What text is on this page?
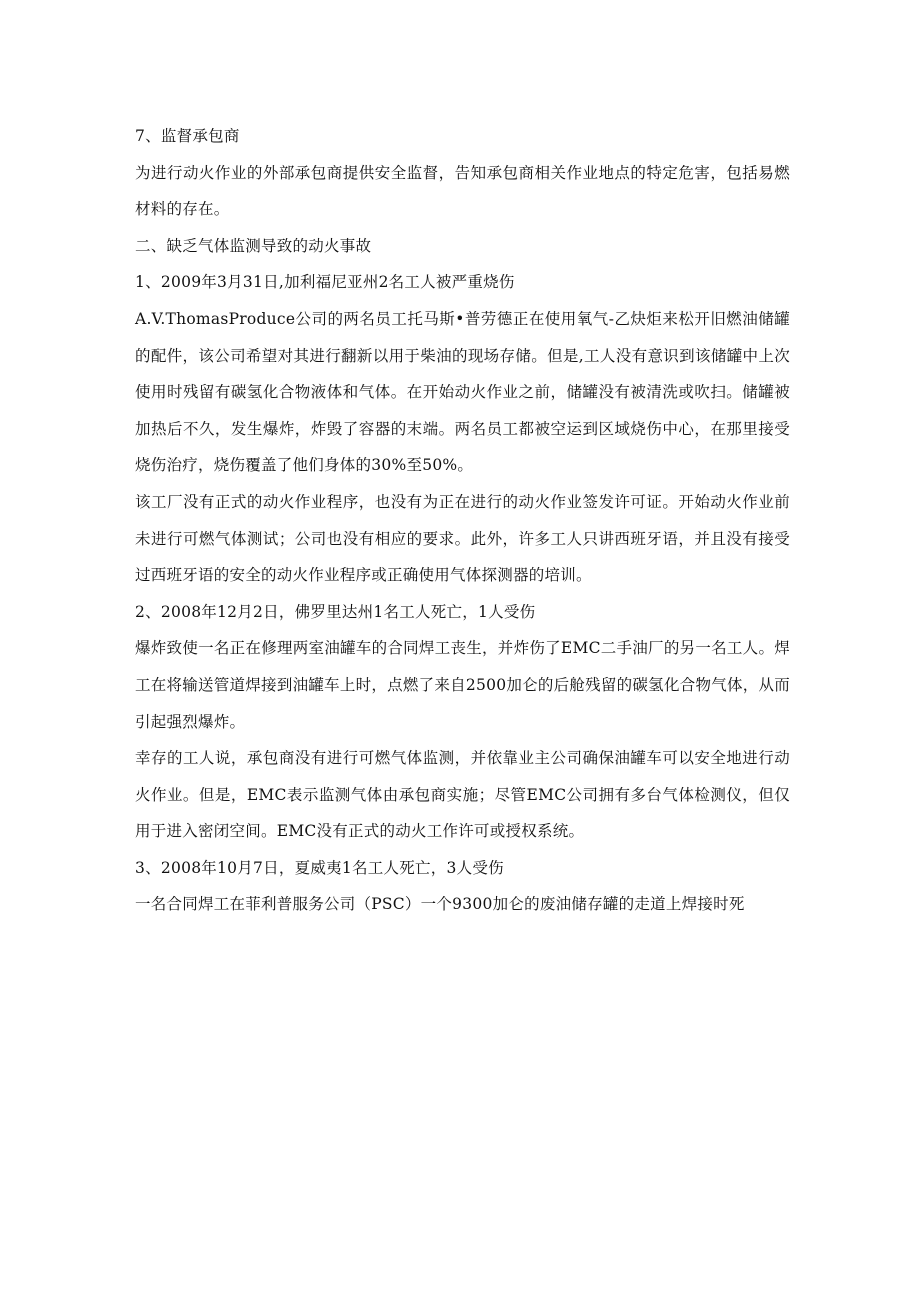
7、监督承包商

为进行动火作业的外部承包商提供安全监督，告知承包商相关作业地点的特定危害，包括易燃材料的存在。

二、缺乏气体监测导致的动火事故

1、2009年3月31日,加利福尼亚州2名工人被严重烧伤

A.V.ThomasProduce公司的两名员工托马斯•普劳德正在使用氧气-乙炔炬来松开旧燃油储罐的配件，该公司希望对其进行翻新以用于柴油的现场存储。但是,工人没有意识到该储罐中上次使用时残留有碳氢化合物液体和气体。在开始动火作业之前，储罐没有被清洗或吹扫。储罐被加热后不久，发生爆炸，炸毁了容器的末端。两名员工都被空运到区域烧伤中心，在那里接受烧伤治疗，烧伤覆盖了他们身体的30%至50%。

该工厂没有正式的动火作业程序，也没有为正在进行的动火作业签发许可证。开始动火作业前未进行可燃气体测试；公司也没有相应的要求。此外，许多工人只讲西班牙语，并且没有接受过西班牙语的安全的动火作业程序或正确使用气体探测器的培训。

2、2008年12月2日，佛罗里达州1名工人死亡，1人受伤

爆炸致使一名正在修理两室油罐车的合同焊工丧生，并炸伤了EMC二手油厂的另一名工人。焊工在将输送管道焊接到油罐车上时，点燃了来自2500加仑的后舱残留的碳氢化合物气体，从而引起强烈爆炸。

幸存的工人说，承包商没有进行可燃气体监测，并依靠业主公司确保油罐车可以安全地进行动火作业。但是，EMC表示监测气体由承包商实施；尽管EMC公司拥有多台气体检测仪，但仅用于进入密闭空间。EMC没有正式的动火工作许可或授权系统。

3、2008年10月7日，夏威夷1名工人死亡，3人受伤

一名合同焊工在菲利普服务公司（PSC）一个9300加仑的废油储存罐的走道上焊接时死
